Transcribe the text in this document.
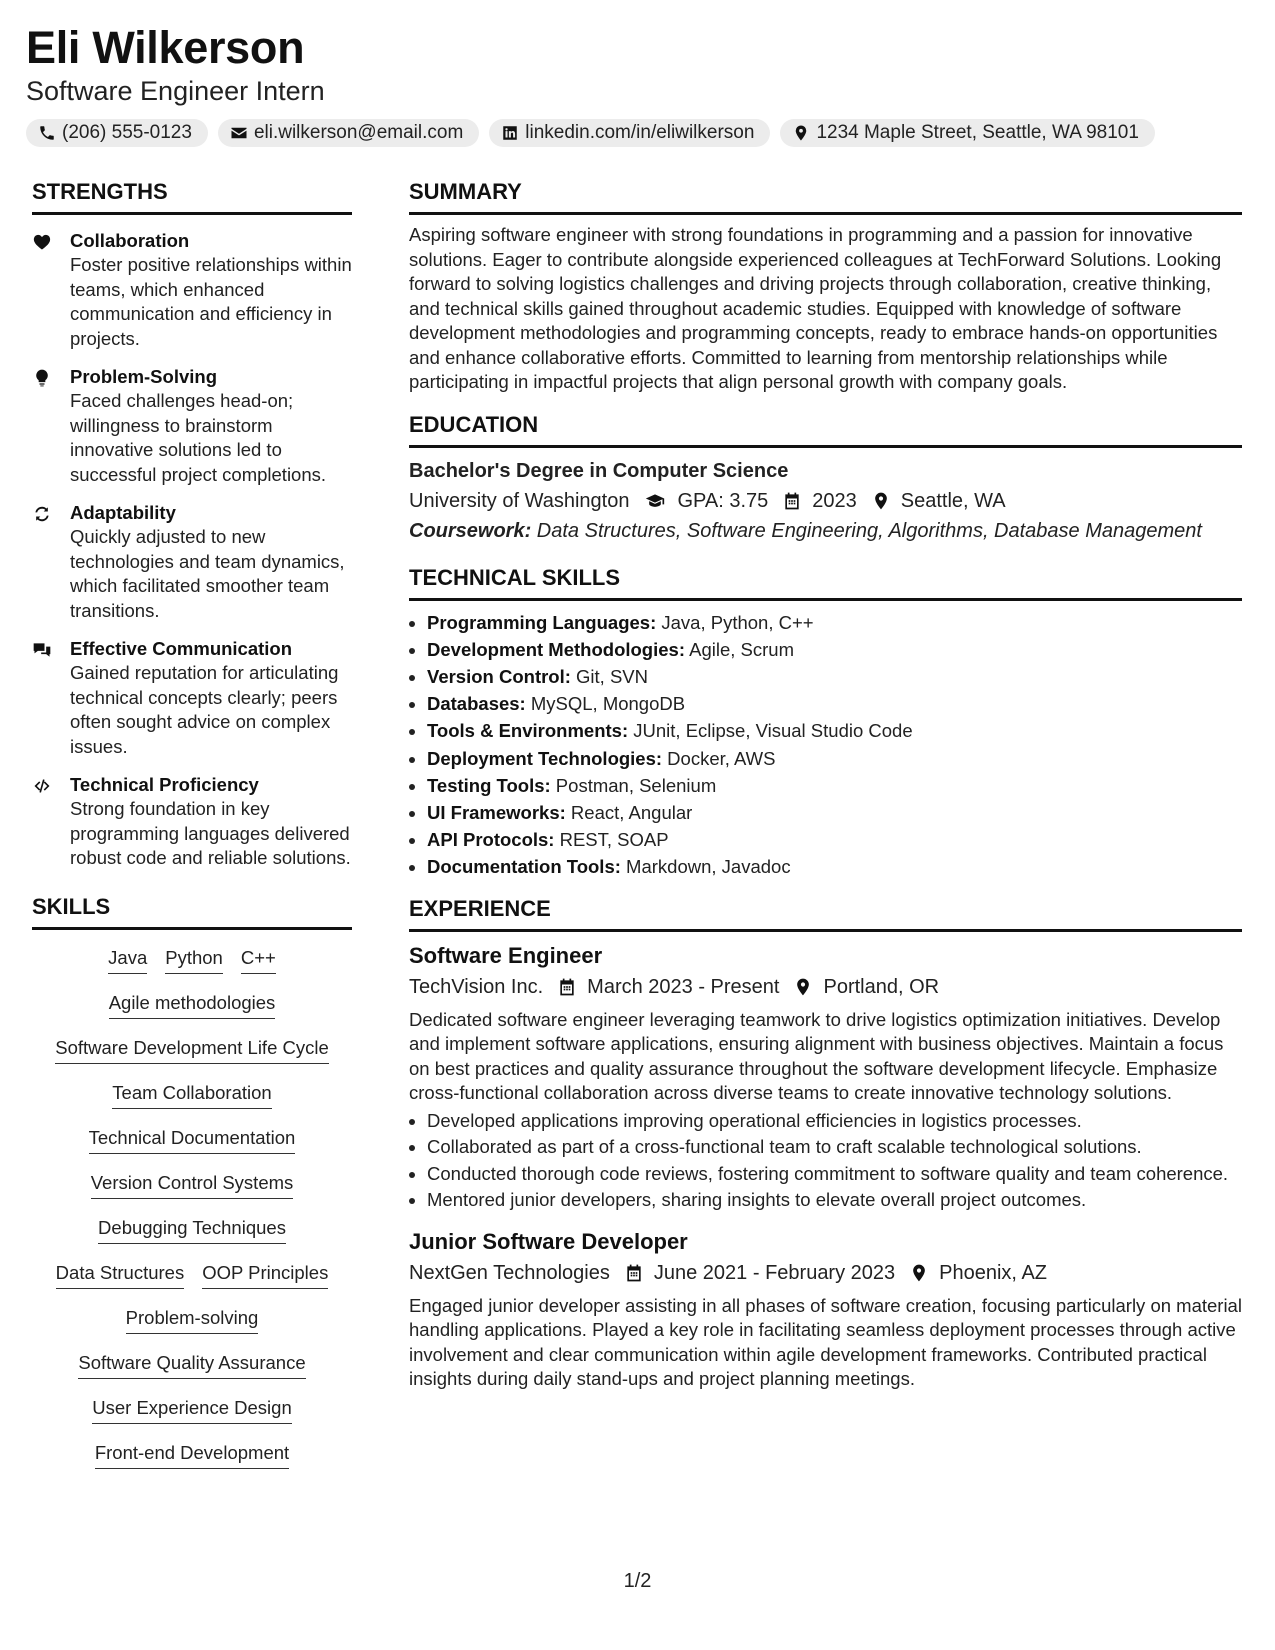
Eli Wilkerson
Software Engineer Intern
(206) 555-0123	eli.wilkerson@email.com	linkedin.com/in/eliwilkerson	1234 Maple Street, Seattle, WA 98101
STRENGTHS
Collaboration
Foster positive relationships within teams, which enhanced communication and efficiency in projects.
Problem-Solving
Faced challenges head-on; willingness to brainstorm innovative solutions led to successful project completions.
Adaptability
Quickly adjusted to new technologies and team dynamics, which facilitated smoother team transitions.
Effective Communication
Gained reputation for articulating technical concepts clearly; peers often sought advice on complex issues.
Technical Proficiency
Strong foundation in key programming languages delivered robust code and reliable solutions.
SKILLS
Java Python C++
Agile methodologies
Software Development Life Cycle
Team Collaboration
Technical Documentation
Version Control Systems
Debugging Techniques
Data Structures OOP Principles
Problem-solving
Software Quality Assurance
User Experience Design
Front-end Development
SUMMARY
Aspiring software engineer with strong foundations in programming and a passion for innovative solutions. Eager to contribute alongside experienced colleagues at TechForward Solutions. Looking forward to solving logistics challenges and driving projects through collaboration, creative thinking, and technical skills gained throughout academic studies. Equipped with knowledge of software development methodologies and programming concepts, ready to embrace hands-on opportunities and enhance collaborative efforts. Committed to learning from mentorship relationships while participating in impactful projects that align personal growth with company goals.
EDUCATION
Bachelor's Degree in Computer Science
University of Washington GPA: 3.75 2023 Seattle, WA
Coursework: Data Structures, Software Engineering, Algorithms, Database Management
TECHNICAL SKILLS
• Programming Languages: Java, Python, C++
• Development Methodologies: Agile, Scrum
• Version Control: Git, SVN
• Databases: MySQL, MongoDB
• Tools & Environments: JUnit, Eclipse, Visual Studio Code
• Deployment Technologies: Docker, AWS
• Testing Tools: Postman, Selenium
• UI Frameworks: React, Angular
• API Protocols: REST, SOAP
• Documentation Tools: Markdown, Javadoc
EXPERIENCE
Software Engineer
TechVision Inc. March 2023 - Present Portland, OR
Dedicated software engineer leveraging teamwork to drive logistics optimization initiatives. Develop and implement software applications, ensuring alignment with business objectives. Maintain a focus on best practices and quality assurance throughout the software development lifecycle. Emphasize cross-functional collaboration across diverse teams to create innovative technology solutions.
• Developed applications improving operational efficiencies in logistics processes.
• Collaborated as part of a cross-functional team to craft scalable technological solutions.
• Conducted thorough code reviews, fostering commitment to software quality and team coherence.
• Mentored junior developers, sharing insights to elevate overall project outcomes.
Junior Software Developer
NextGen Technologies June 2021 - February 2023 Phoenix, AZ
Engaged junior developer assisting in all phases of software creation, focusing particularly on material handling applications. Played a key role in facilitating seamless deployment processes through active involvement and clear communication within agile development frameworks. Contributed practical insights during daily stand-ups and project planning meetings.
1/2
